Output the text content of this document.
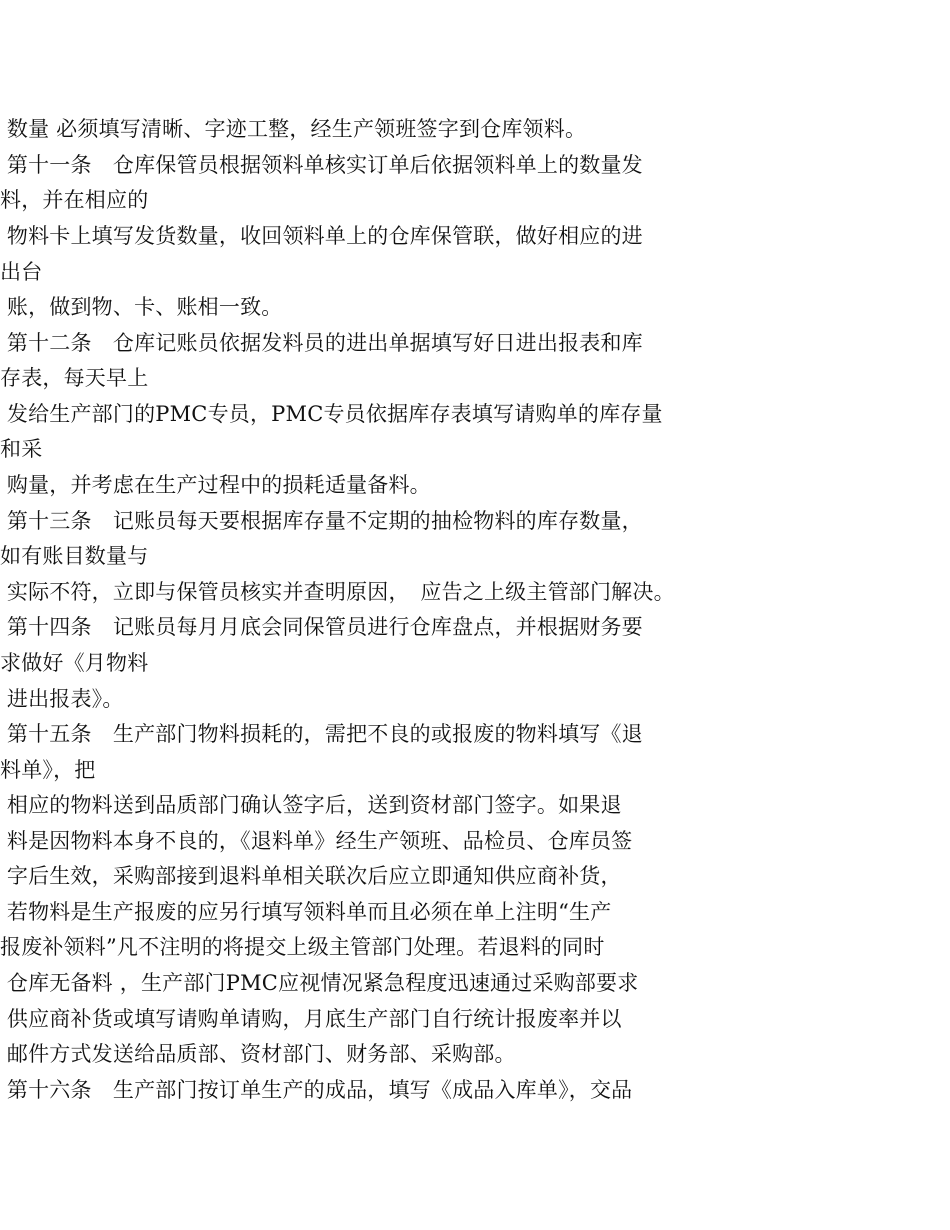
数量 必须填写清晰、字迹工整，经生产领班签字到仓库领料。
第十一条　仓库保管员根据领料单核实订单后依据领料单上的数量发
料，并在相应的
物料卡上填写发货数量，收回领料单上的仓库保管联，做好相应的进
出台
账，做到物、卡、账相一致。
第十二条　仓库记账员依据发料员的进出单据填写好日进出报表和库
存表，每天早上
发给生产部门的PMC专员，PMC专员依据库存表填写请购单的库存量
和采
购量，并考虑在生产过程中的损耗适量备料。
第十三条　记账员每天要根据库存量不定期的抽检物料的库存数量，
如有账目数量与
实际不符，立即与保管员核实并查明原因，　应告之上级主管部门解决。
第十四条　记账员每月月底会同保管员进行仓库盘点，并根据财务要
求做好《月物料
进出报表》。
第十五条　生产部门物料损耗的，需把不良的或报废的物料填写《退
料单》，把
相应的物料送到品质部门确认签字后，送到资材部门签字。如果退
料是因物料本身不良的，《退料单》经生产领班、品检员、仓库员签
字后生效，采购部接到退料单相关联次后应立即通知供应商补货，
若物料是生产报废的应另行填写领料单而且必须在单上注明“生产
报废补领料”凡不注明的将提交上级主管部门处理。若退料的同时
仓库无备料 ，生产部门PMC应视情况紧急程度迅速通过采购部要求
供应商补货或填写请购单请购，月底生产部门自行统计报废率并以
邮件方式发送给品质部、资材部门、财务部、采购部。
第十六条　生产部门按订单生产的成品，填写《成品入库单》，交品
